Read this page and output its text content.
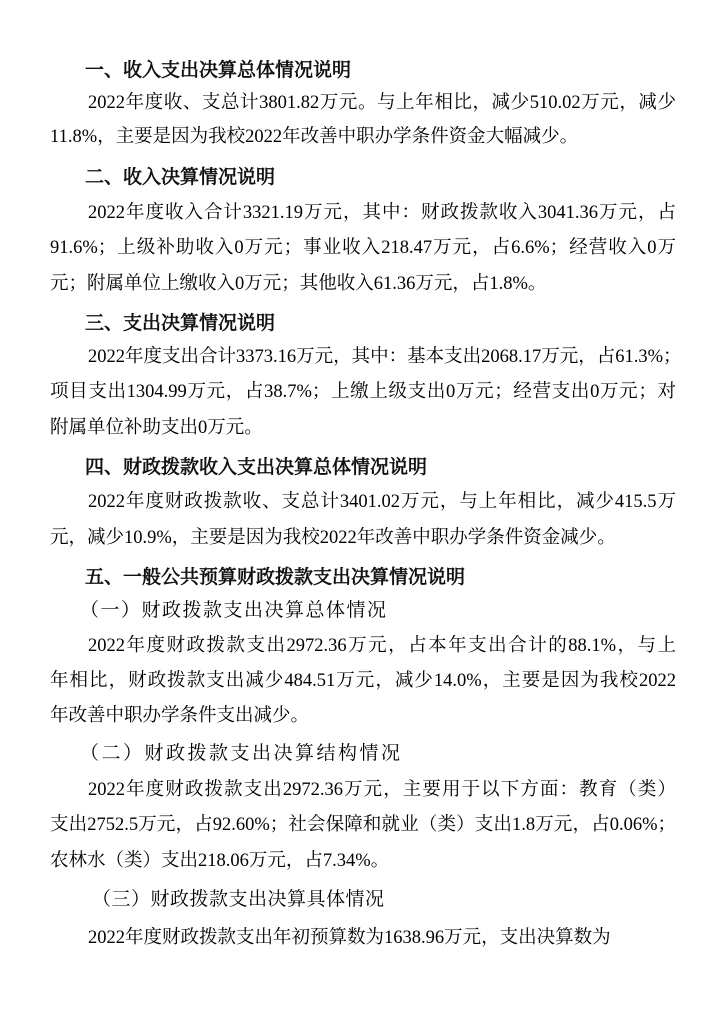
一、收入支出决算总体情况说明
2022年度收、支总计3801.82万元。与上年相比，减少510.02万元，减少
11.8%，主要是因为我校2022年改善中职办学条件资金大幅减少。
二、收入决算情况说明
2022年度收入合计3321.19万元，其中：财政拨款收入3041.36万元，占
91.6%；上级补助收入0万元；事业收入218.47万元，占6.6%；经营收入0万
元；附属单位上缴收入0万元；其他收入61.36万元，占1.8%。
三、支出决算情况说明
2022年度支出合计3373.16万元，其中：基本支出2068.17万元，占61.3%；
项目支出1304.99万元，占38.7%；上缴上级支出0万元；经营支出0万元；对
附属单位补助支出0万元。
四、财政拨款收入支出决算总体情况说明
2022年度财政拨款收、支总计3401.02万元，与上年相比，减少415.5万
元，减少10.9%，主要是因为我校2022年改善中职办学条件资金减少。
五、一般公共预算财政拨款支出决算情况说明
（一）财政拨款支出决算总体情况
2022年度财政拨款支出2972.36万元，占本年支出合计的88.1%，与上
年相比，财政拨款支出减少484.51万元，减少14.0%，主要是因为我校2022
年改善中职办学条件支出减少。
（二）财政拨款支出决算结构情况
2022年度财政拨款支出2972.36万元，主要用于以下方面：教育（类）
支出2752.5万元，占92.60%；社会保障和就业（类）支出1.8万元，占0.06%；
农林水（类）支出218.06万元，占7.34%。
（三）财政拨款支出决算具体情况
2022年度财政拨款支出年初预算数为1638.96万元，支出决算数为
